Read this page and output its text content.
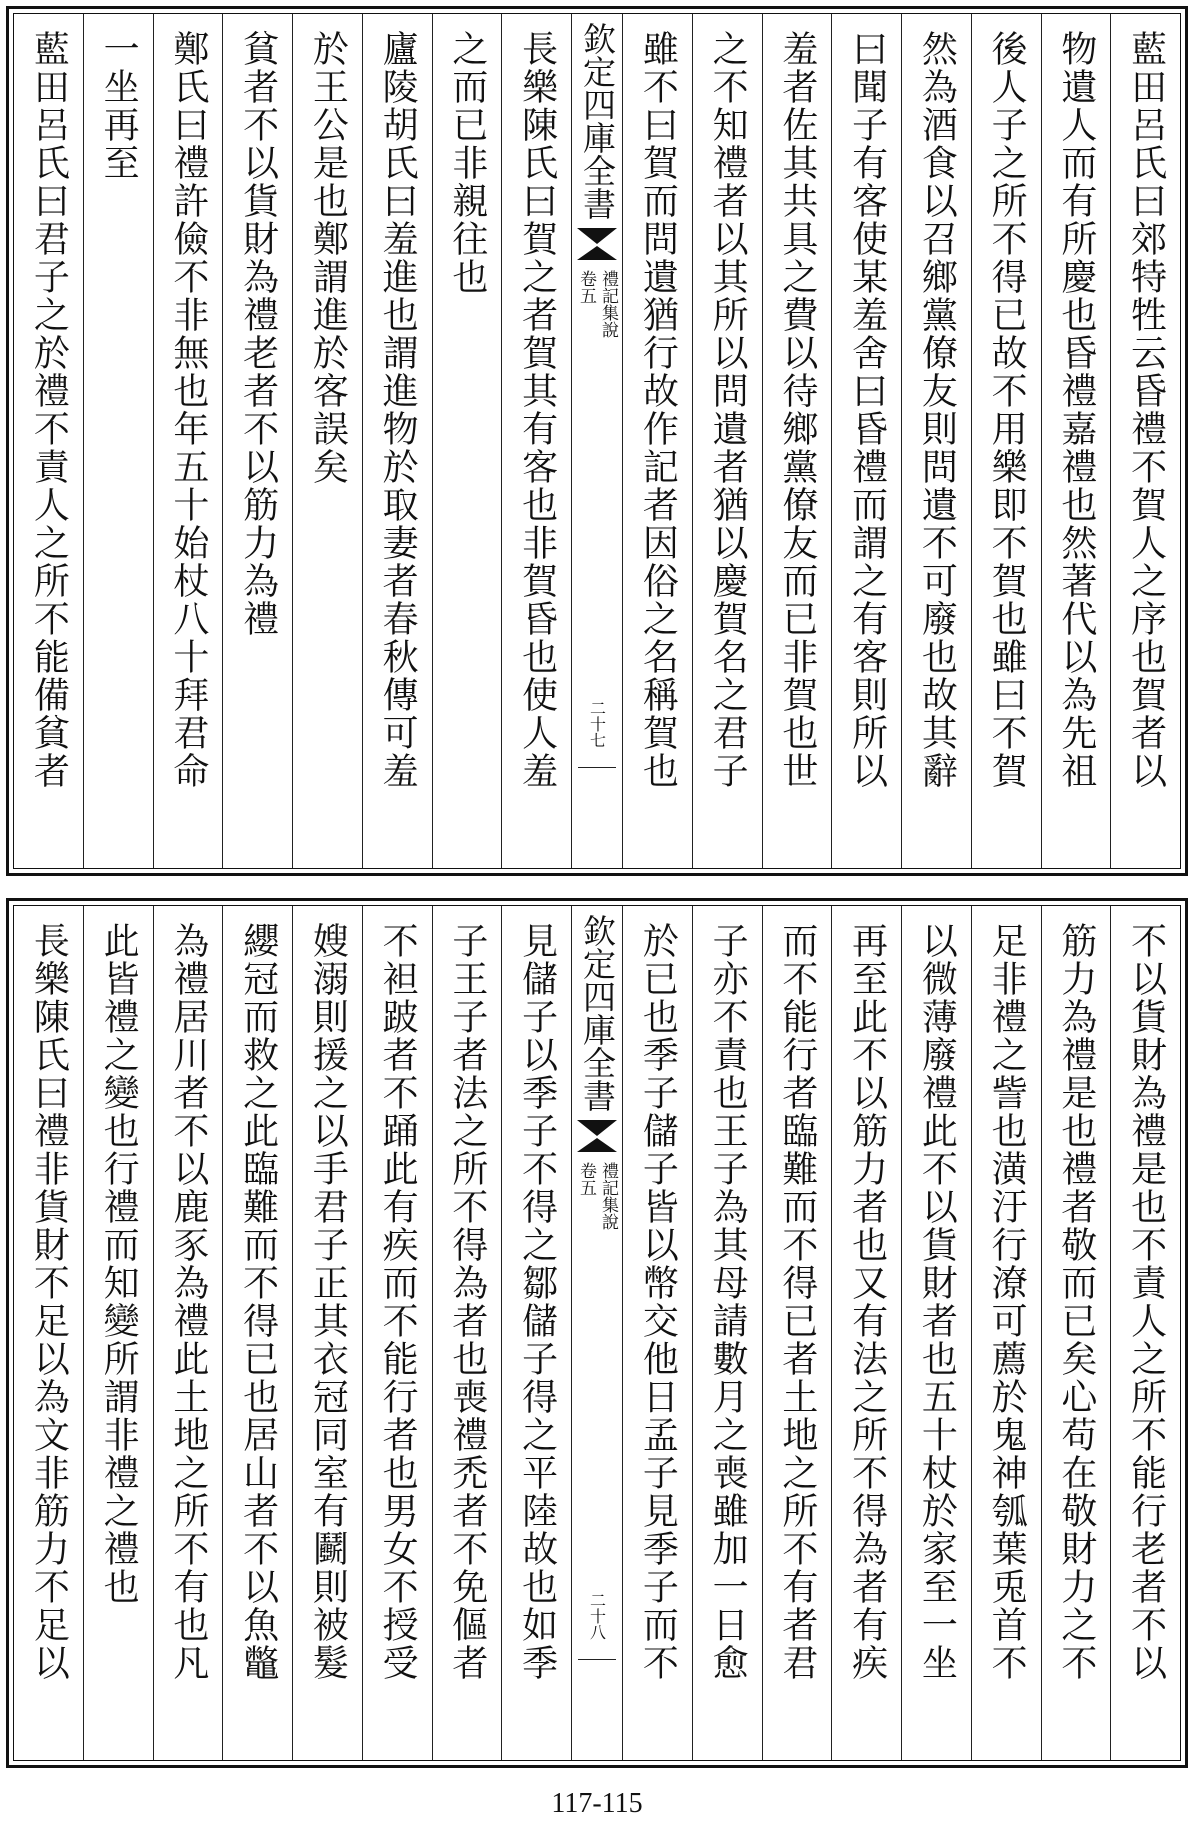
藍田呂氏曰郊特牲云昏禮不賀人之序也賀者以
物遺人而有所慶也昏禮嘉禮也然著代以為先祖
後人子之所不得已故不用樂即不賀也雖曰不賀
然為酒食以召鄉黨僚友則問遺不可廢也故其辭
曰聞子有客使某羞舍曰昏禮而謂之有客則所以
羞者佐其共具之費以待鄉黨僚友而已非賀也世
之不知禮者以其所以問遺者猶以慶賀名之君子
雖不曰賀而問遺猶行故作記者因俗之名稱賀也
欽定四庫全書
禮記集說
卷五
二十七
長樂陳氏曰賀之者賀其有客也非賀昏也使人羞
之而已非親往也
廬陵胡氏曰羞進也謂進物於取妻者春秋傳可羞
於王公是也鄭謂進於客誤矣
貧者不以貨財為禮老者不以筋力為禮
鄭氏曰禮許儉不非無也年五十始杖八十拜君命
一坐再至
藍田呂氏曰君子之於禮不責人之所不能備貧者
不以貨財為禮是也不責人之所不能行老者不以
筋力為禮是也禮者敬而已矣心苟在敬財力之不
足非禮之訾也潢汙行潦可薦於鬼神瓠葉兎首不
以微薄廢禮此不以貨財者也五十杖於家至一坐
再至此不以筋力者也又有法之所不得為者有疾
而不能行者臨難而不得已者土地之所不有者君
子亦不責也王子為其母請數月之喪雖加一日愈
於已也季子儲子皆以幣交他日孟子見季子而不
欽定四庫全書
禮記集說
卷五
二十八
見儲子以季子不得之鄒儲子得之平陸故也如季
子王子者法之所不得為者也喪禮禿者不免傴者
不袒跛者不踊此有疾而不能行者也男女不授受
嫂溺則援之以手君子正其衣冠同室有鬬則被髮
纓冠而救之此臨難而不得已也居山者不以魚鼈
為禮居川者不以鹿豕為禮此土地之所不有也凡
此皆禮之變也行禮而知變所謂非禮之禮也
長樂陳氏曰禮非貨財不足以為文非筋力不足以
117-115
